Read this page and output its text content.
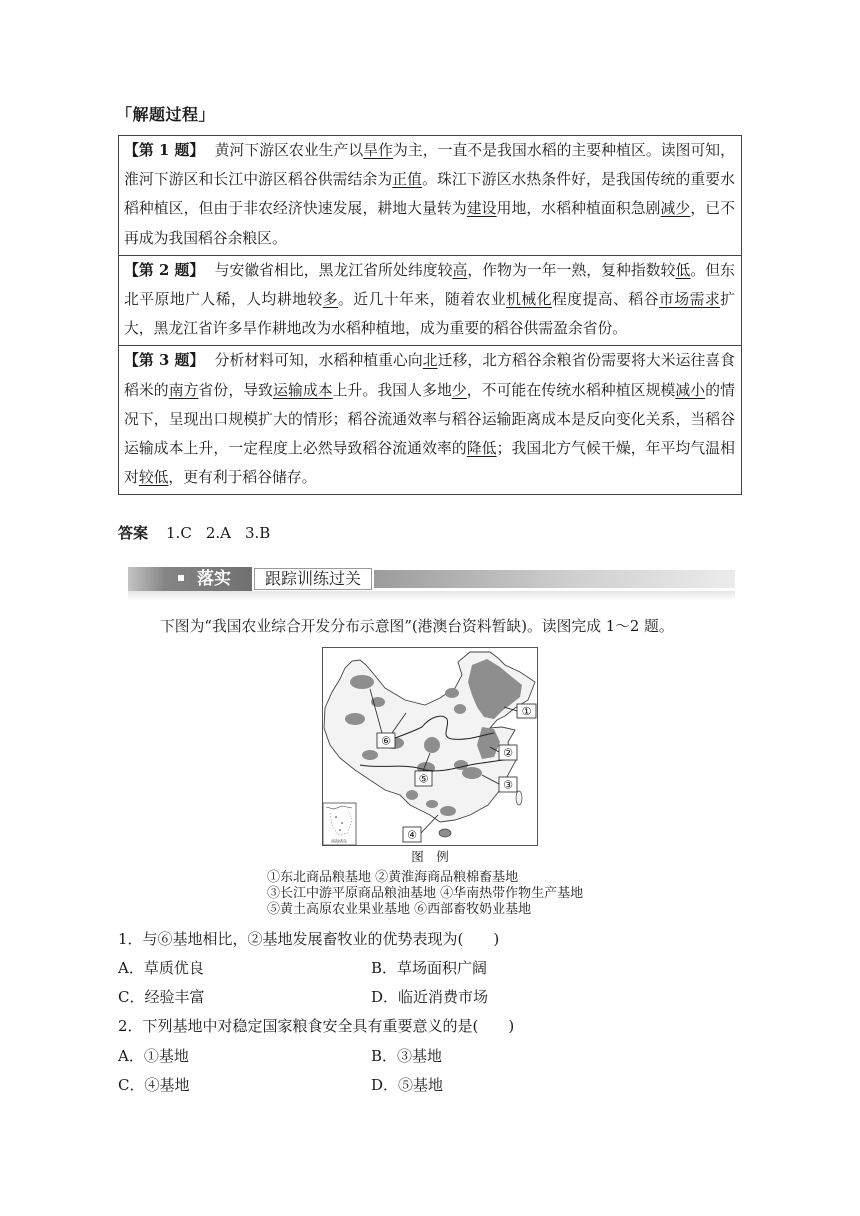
「解题过程」
【第 1 题】 黄河下游区农业生产以旱作为主，一直不是我国水稻的主要种植区。读图可知，淮河下游区和长江中游区稻谷供需结余为正值。珠江下游区水热条件好，是我国传统的重要水稻种植区，但由于非农经济快速发展，耕地大量转为建设用地，水稻种植面积急剧减少，已不再成为我国稻谷余粮区。
【第 2 题】 与安徽省相比，黑龙江省所处纬度较高，作物为一年一熟，复种指数较低。但东北平原地广人稀，人均耕地较多。近几十年来，随着农业机械化程度提高、稻谷市场需求扩大，黑龙江省许多旱作耕地改为水稻种植地，成为重要的稻谷供需盈余省份。
【第 3 题】 分析材料可知，水稻种植重心向北迁移，北方稻谷余粮省份需要将大米运往喜食稻米的南方省份，导致运输成本上升。我国人多地少，不可能在传统水稻种植区规模减小的情况下，呈现出口规模扩大的情形；稻谷流通效率与稻谷运输距离成本是反向变化关系，当稻谷运输成本上升，一定程度上必然导致稻谷流通效率的降低；我国北方气候干燥，年平均气温相对较低，更有利于稻谷储存。
答案 1.C 2.A 3.B
落实	跟踪训练过关
下图为“我国农业综合开发分布示意图”(港澳台资料暂缺)。读图完成 1～2 题。
南海诸岛
①
②
③
④
⑤
⑥
图　例
①东北商品粮基地 ②黄淮海商品粮棉畜基地
③长江中游平原商品粮油基地 ④华南热带作物生产基地
⑤黄土高原农业果业基地 ⑥西部畜牧奶业基地
1．与⑥基地相比，②基地发展畜牧业的优势表现为(　　)
A．草质优良	B．草场面积广阔
C．经验丰富	D．临近消费市场
2．下列基地中对稳定国家粮食安全具有重要意义的是(　　)
A．①基地	B．③基地
C．④基地	D．⑤基地
